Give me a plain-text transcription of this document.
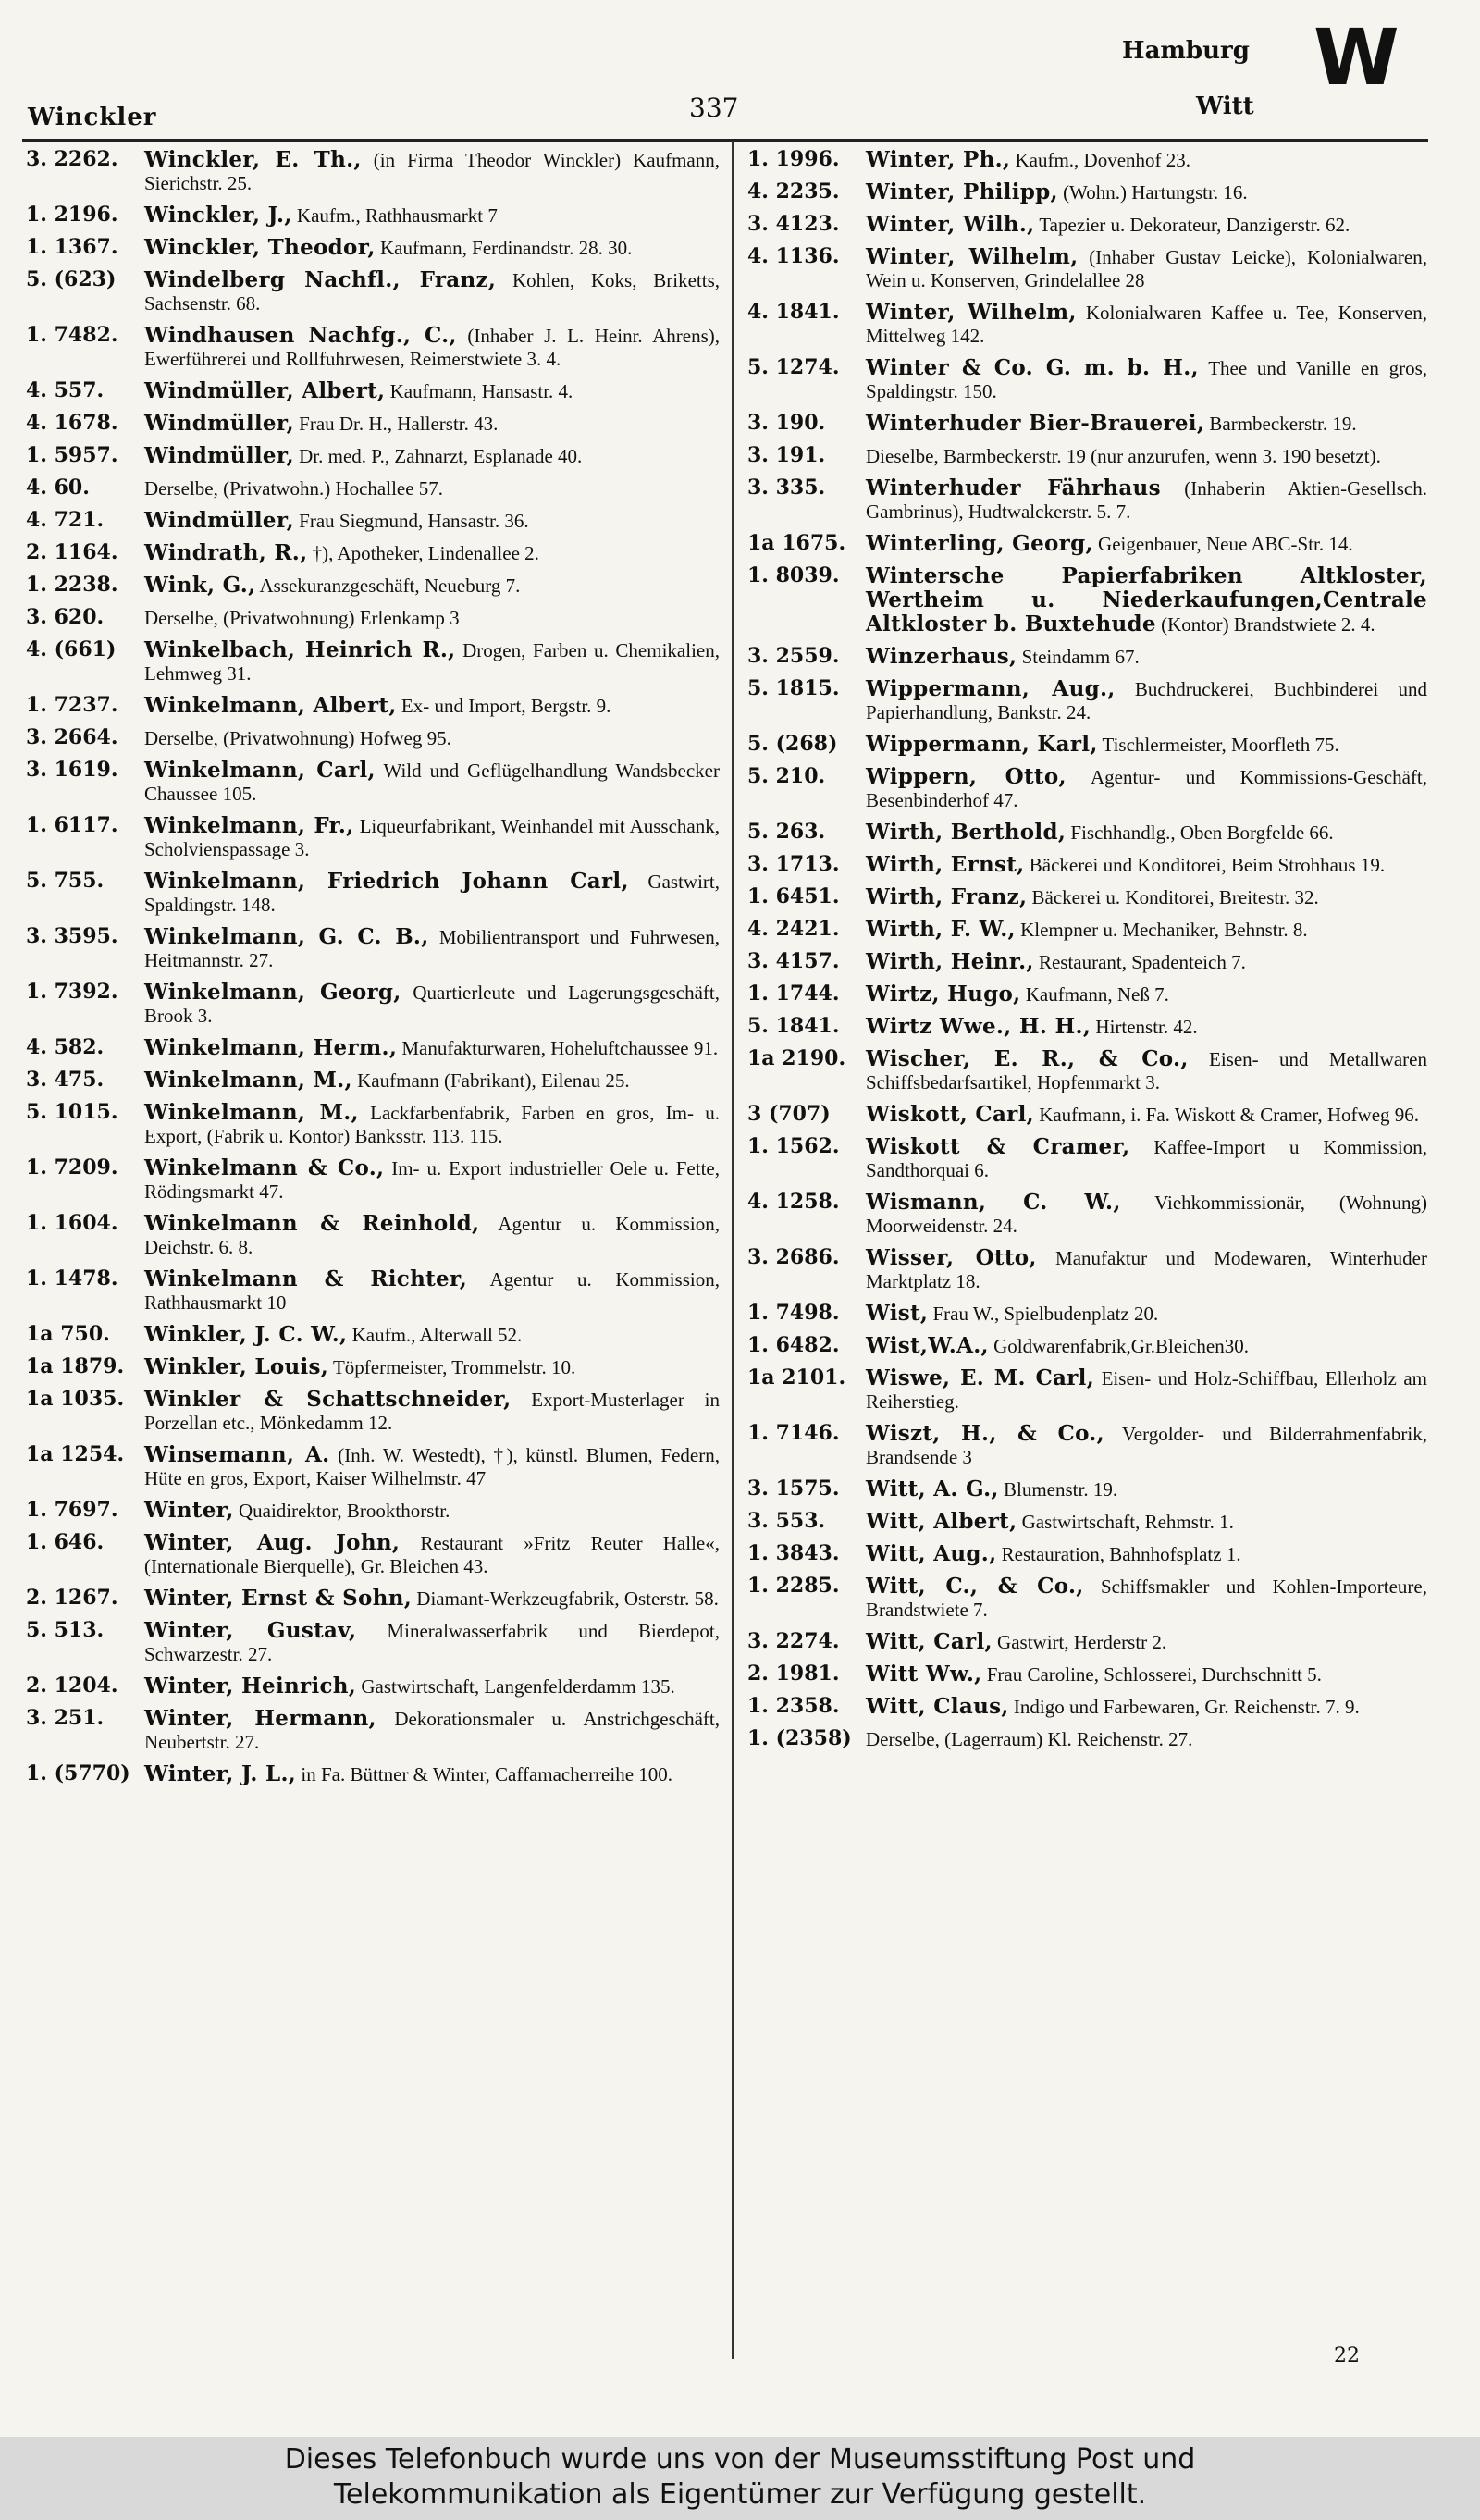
Winckler	337
Hamburg
Witt
W
3. 2262.	Winckler, E. Th., (in Firma Theodor Winckler) Kaufmann, Sierichstr. 25.
1. 2196.	Winckler, J., Kaufm., Rathhausmarkt 7
1. 1367.	Winckler, Theodor, Kaufmann, Ferdinandstr. 28. 30.
5. (623)	Windelberg Nachfl., Franz, Kohlen, Koks, Briketts, Sachsenstr. 68.
1. 7482.	Windhausen Nachfg., C., (Inhaber J. L. Heinr. Ahrens), Ewerführerei und Rollfuhrwesen, Reimerstwiete 3. 4.
4. 557.	Windmüller, Albert, Kaufmann, Hansastr. 4.
4. 1678.	Windmüller, Frau Dr. H., Hallerstr. 43.
1. 5957.	Windmüller, Dr. med. P., Zahnarzt, Esplanade 40.
4. 60.	Derselbe, (Privatwohn.) Hochallee 57.
4. 721.	Windmüller, Frau Siegmund, Hansastr. 36.
2. 1164.	Windrath, R., †), Apotheker, Lindenallee 2.
1. 2238.	Wink, G., Assekuranzgeschäft, Neueburg 7.
3. 620.	Derselbe, (Privatwohnung) Erlenkamp 3
4. (661)	Winkelbach, Heinrich R., Drogen, Farben u. Chemikalien, Lehmweg 31.
1. 7237.	Winkelmann, Albert, Ex- und Import, Bergstr. 9.
3. 2664.	Derselbe, (Privatwohnung) Hofweg 95.
3. 1619.	Winkelmann, Carl, Wild und Geflügelhandlung Wandsbecker Chaussee 105.
1. 6117.	Winkelmann, Fr., Liqueurfabrikant, Weinhandel mit Ausschank, Scholvienspassage 3.
5. 755.	Winkelmann, Friedrich Johann Carl, Gastwirt, Spaldingstr. 148.
3. 3595.	Winkelmann, G. C. B., Mobilientransport und Fuhrwesen, Heitmannstr. 27.
1. 7392.	Winkelmann, Georg, Quartierleute und Lagerungsgeschäft, Brook 3.
4. 582.	Winkelmann, Herm., Manufakturwaren, Hoheluftchaussee 91.
3. 475.	Winkelmann, M., Kaufmann (Fabrikant), Eilenau 25.
5. 1015.	Winkelmann, M., Lackfarbenfabrik, Farben en gros, Im- u. Export, (Fabrik u. Kontor) Banksstr. 113. 115.
1. 7209.	Winkelmann & Co., Im- u. Export industrieller Oele u. Fette, Rödingsmarkt 47.
1. 1604.	Winkelmann & Reinhold, Agentur u. Kommission, Deichstr. 6. 8.
1. 1478.	Winkelmann & Richter, Agentur u. Kommission, Rathhausmarkt 10
1a 750.	Winkler, J. C. W., Kaufm., Alterwall 52.
1a 1879. Winkler, Louis, Töpfermeister, Trommelstr. 10.
1a 1035. Winkler & Schattschneider, Export-Musterlager in Porzellan etc., Mönkedamm 12.
1a 1254. Winsemann, A. (Inh. W. Westedt), †), künstl. Blumen, Federn, Hüte en gros, Export, Kaiser Wilhelmstr. 47
1. 7697.	Winter, Quaidirektor, Brookthorstr.
1. 646.	Winter, Aug. John, Restaurant »Fritz Reuter Halle«, (Internationale Bierquelle), Gr. Bleichen 43.
2. 1267.	Winter, Ernst & Sohn, Diamant-Werkzeugfabrik, Osterstr. 58.
5. 513.	Winter, Gustav, Mineralwasserfabrik und Bierdepot, Schwarzestr. 27.
2. 1204.	Winter, Heinrich, Gastwirtschaft, Langenfelderdamm 135.
3. 251.	Winter, Hermann, Dekorationsmaler u. Anstrichgeschäft, Neubertstr. 27.
1. (5770) Winter, J. L., in Fa. Büttner & Winter, Caffamacherreihe 100.
1. 1996.	Winter, Ph., Kaufm., Dovenhof 23.
4. 2235.	Winter, Philipp, (Wohn.) Hartungstr. 16.
3. 4123.	Winter, Wilh., Tapezier u. Dekorateur, Danzigerstr. 62.
4. 1136.	Winter, Wilhelm, (Inhaber Gustav Leicke), Kolonialwaren, Wein u. Konserven, Grindelallee 28
4. 1841.	Winter, Wilhelm, Kolonialwaren Kaffee u. Tee, Konserven, Mittelweg 142.
5. 1274.	Winter & Co. G. m. b. H., Thee und Vanille en gros, Spaldingstr. 150.
3. 190.	Winterhuder Bier-Brauerei, Barmbeckerstr. 19.
3. 191.	Dieselbe, Barmbeckerstr. 19 (nur anzurufen, wenn 3. 190 besetzt).
3. 335.	Winterhuder Fährhaus (Inhaberin Aktien-Gesellsch. Gambrinus), Hudtwalckerstr. 5. 7.
1a 1675. Winterling, Georg, Geigenbauer, Neue ABC-Str. 14.
1. 8039.	Wintersche Papierfabriken Altkloster, Wertheim u. Niederkaufungen,Centrale Altkloster b. Buxtehude (Kontor) Brandstwiete 2. 4.
3. 2559.	Winzerhaus, Steindamm 67.
5. 1815.	Wippermann, Aug., Buchdruckerei, Buchbinderei und Papierhandlung, Bankstr. 24.
5. (268)	Wippermann, Karl, Tischlermeister, Moorfleth 75.
5. 210.	Wippern, Otto, Agentur- und Kommissions-Geschäft, Besenbinderhof 47.
5. 263.	Wirth, Berthold, Fischhandlg., Oben Borgfelde 66.
3. 1713.	Wirth, Ernst, Bäckerei und Konditorei, Beim Strohhaus 19.
1. 6451.	Wirth, Franz, Bäckerei u. Konditorei, Breitestr. 32.
4. 2421.	Wirth, F. W., Klempner u. Mechaniker, Behnstr. 8.
3. 4157.	Wirth, Heinr., Restaurant, Spadenteich 7.
1. 1744.	Wirtz, Hugo, Kaufmann, Neß 7.
5. 1841.	Wirtz Wwe., H. H., Hirtenstr. 42.
1a 2190. Wischer, E. R., & Co., Eisen- und Metallwaren Schiffsbedarfsartikel, Hopfenmarkt 3.
3 (707)	Wiskott, Carl, Kaufmann, i. Fa. Wiskott & Cramer, Hofweg 96.
1. 1562.	Wiskott & Cramer, Kaffee-Import u Kommission, Sandthorquai 6.
4. 1258.	Wismann, C. W., Viehkommissionär, (Wohnung) Moorweidenstr. 24.
3. 2686.	Wisser, Otto, Manufaktur und Modewaren, Winterhuder Marktplatz 18.
1. 7498.	Wist, Frau W., Spielbudenplatz 20.
1. 6482.	Wist,W.A., Goldwarenfabrik,Gr.Bleichen30.
1a 2101. Wiswe, E. M. Carl, Eisen- und Holz-Schiffbau, Ellerholz am Reiherstieg.
1. 7146.	Wiszt, H., & Co., Vergolder- und Bilderrahmenfabrik, Brandsende 3
3. 1575.	Witt, A. G., Blumenstr. 19.
3. 553.	Witt, Albert, Gastwirtschaft, Rehmstr. 1.
1. 3843.	Witt, Aug., Restauration, Bahnhofsplatz 1.
1. 2285.	Witt, C., & Co., Schiffsmakler und Kohlen-Importeure, Brandstwiete 7.
3. 2274.	Witt, Carl, Gastwirt, Herderstr 2.
2. 1981.	Witt Ww., Frau Caroline, Schlosserei, Durchschnitt 5.
1. 2358.	Witt, Claus, Indigo und Farbewaren, Gr. Reichenstr. 7. 9.
1. (2358) Derselbe, (Lagerraum) Kl. Reichenstr. 27.
22
Dieses Telefonbuch wurde uns von der Museumsstiftung Post und
Telekommunikation als Eigentümer zur Verfügung gestellt.
